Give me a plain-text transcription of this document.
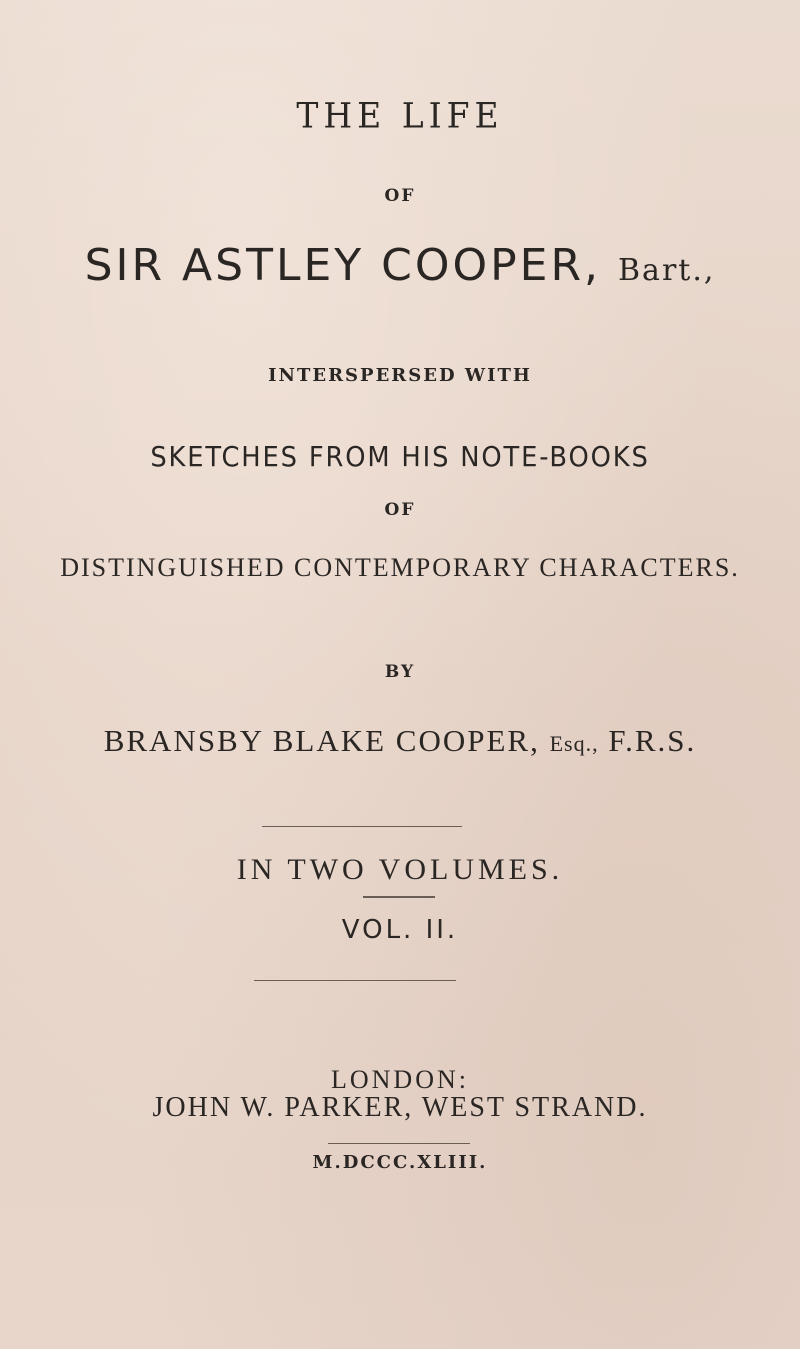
THE LIFE
OF
SIR ASTLEY COOPER, Bart.,
INTERSPERSED WITH
SKETCHES FROM HIS NOTE-BOOKS
OF
DISTINGUISHED CONTEMPORARY CHARACTERS.
BY
BRANSBY BLAKE COOPER, Esq., F.R.S.
IN TWO VOLUMES.
VOL. II.
LONDON:
JOHN W. PARKER, WEST STRAND.
M.DCCC.XLIII.
